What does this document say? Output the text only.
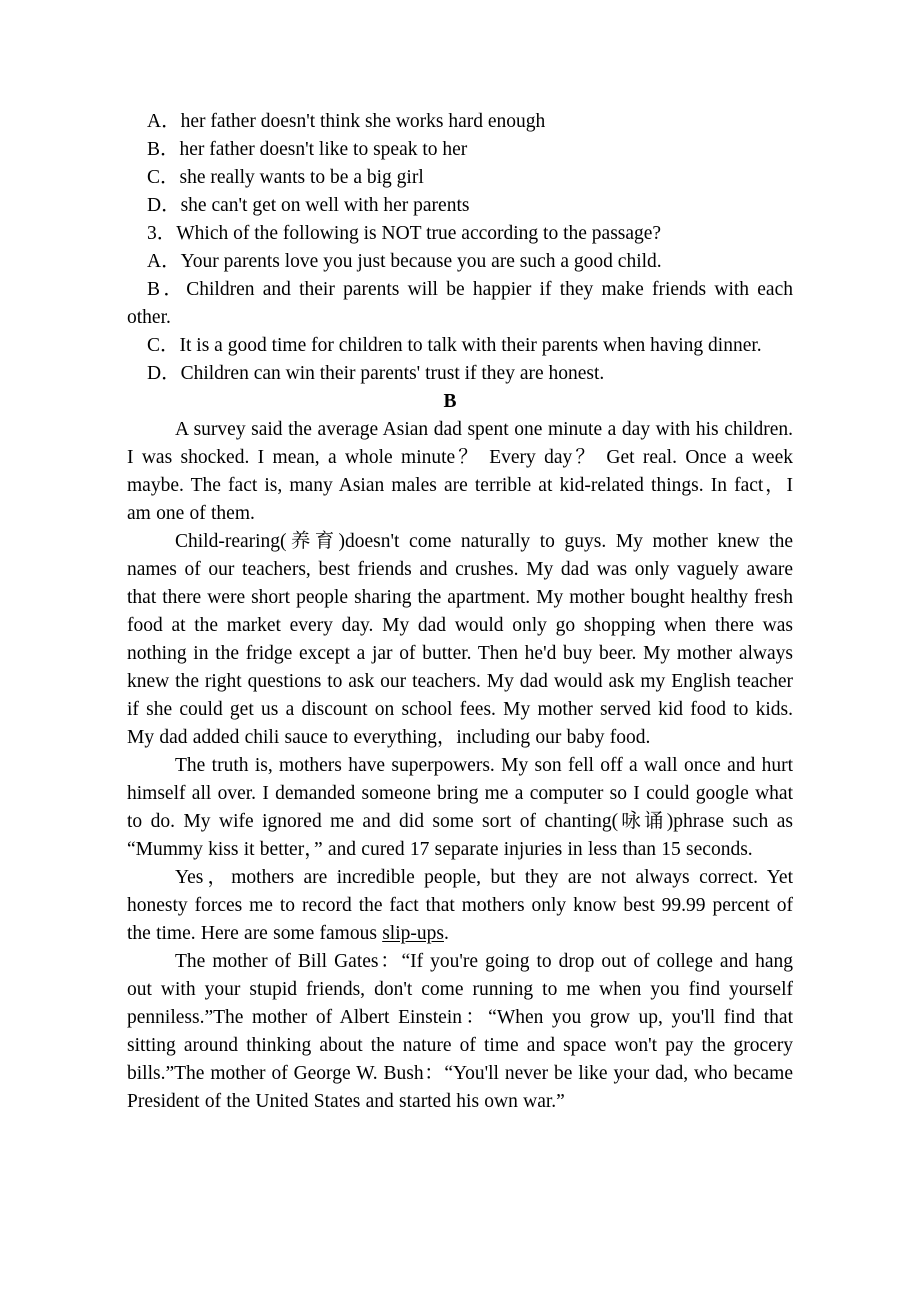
A．her father doesn't think she works hard enough

B．her father doesn't like to speak to her

C．she really wants to be a big girl

D．she can't get on well with her parents

3．Which of the following is NOT true according to the passage?

A．Your parents love you just because you are such a good child.

B．Children and their parents will be happier if they make friends with each other.

C．It is a good time for children to talk with their parents when having dinner.

D．Children can win their parents' trust if they are honest.

B

A survey said the average Asian dad spent one minute a day with his children. I was shocked. I mean, a whole minute？ Every day？ Get real. Once a week maybe. The fact is, many Asian males are terrible at kid-related things. In fact，I am one of them.

Child-rearing(养育)doesn't come naturally to guys. My mother knew the names of our teachers, best friends and crushes. My dad was only vaguely aware that there were short people sharing the apartment. My mother bought healthy fresh food at the market every day. My dad would only go shopping when there was nothing in the fridge except a jar of butter. Then he'd buy beer. My mother always knew the right questions to ask our teachers. My dad would ask my English teacher if she could get us a discount on school fees. My mother served kid food to kids. My dad added chili sauce to everything，including our baby food.

The truth is, mothers have superpowers. My son fell off a wall once and hurt himself all over. I demanded someone bring me a computer so I could google what to do. My wife ignored me and did some sort of chanting(咏诵)phrase such as “Mummy kiss it better，” and cured 17 separate injuries in less than 15 seconds.

Yes，mothers are incredible people, but they are not always correct. Yet honesty forces me to record the fact that mothers only know best 99.99 percent of the time. Here are some famous slip-ups.

The mother of Bill Gates：“If you're going to drop out of college and hang out with your stupid friends, don't come running to me when you find yourself penniless.”The mother of Albert Einstein：“When you grow up, you'll find that sitting around thinking about the nature of time and space won't pay the grocery bills.”The mother of George W. Bush：“You'll never be like your dad, who became President of the United States and started his own war.”
